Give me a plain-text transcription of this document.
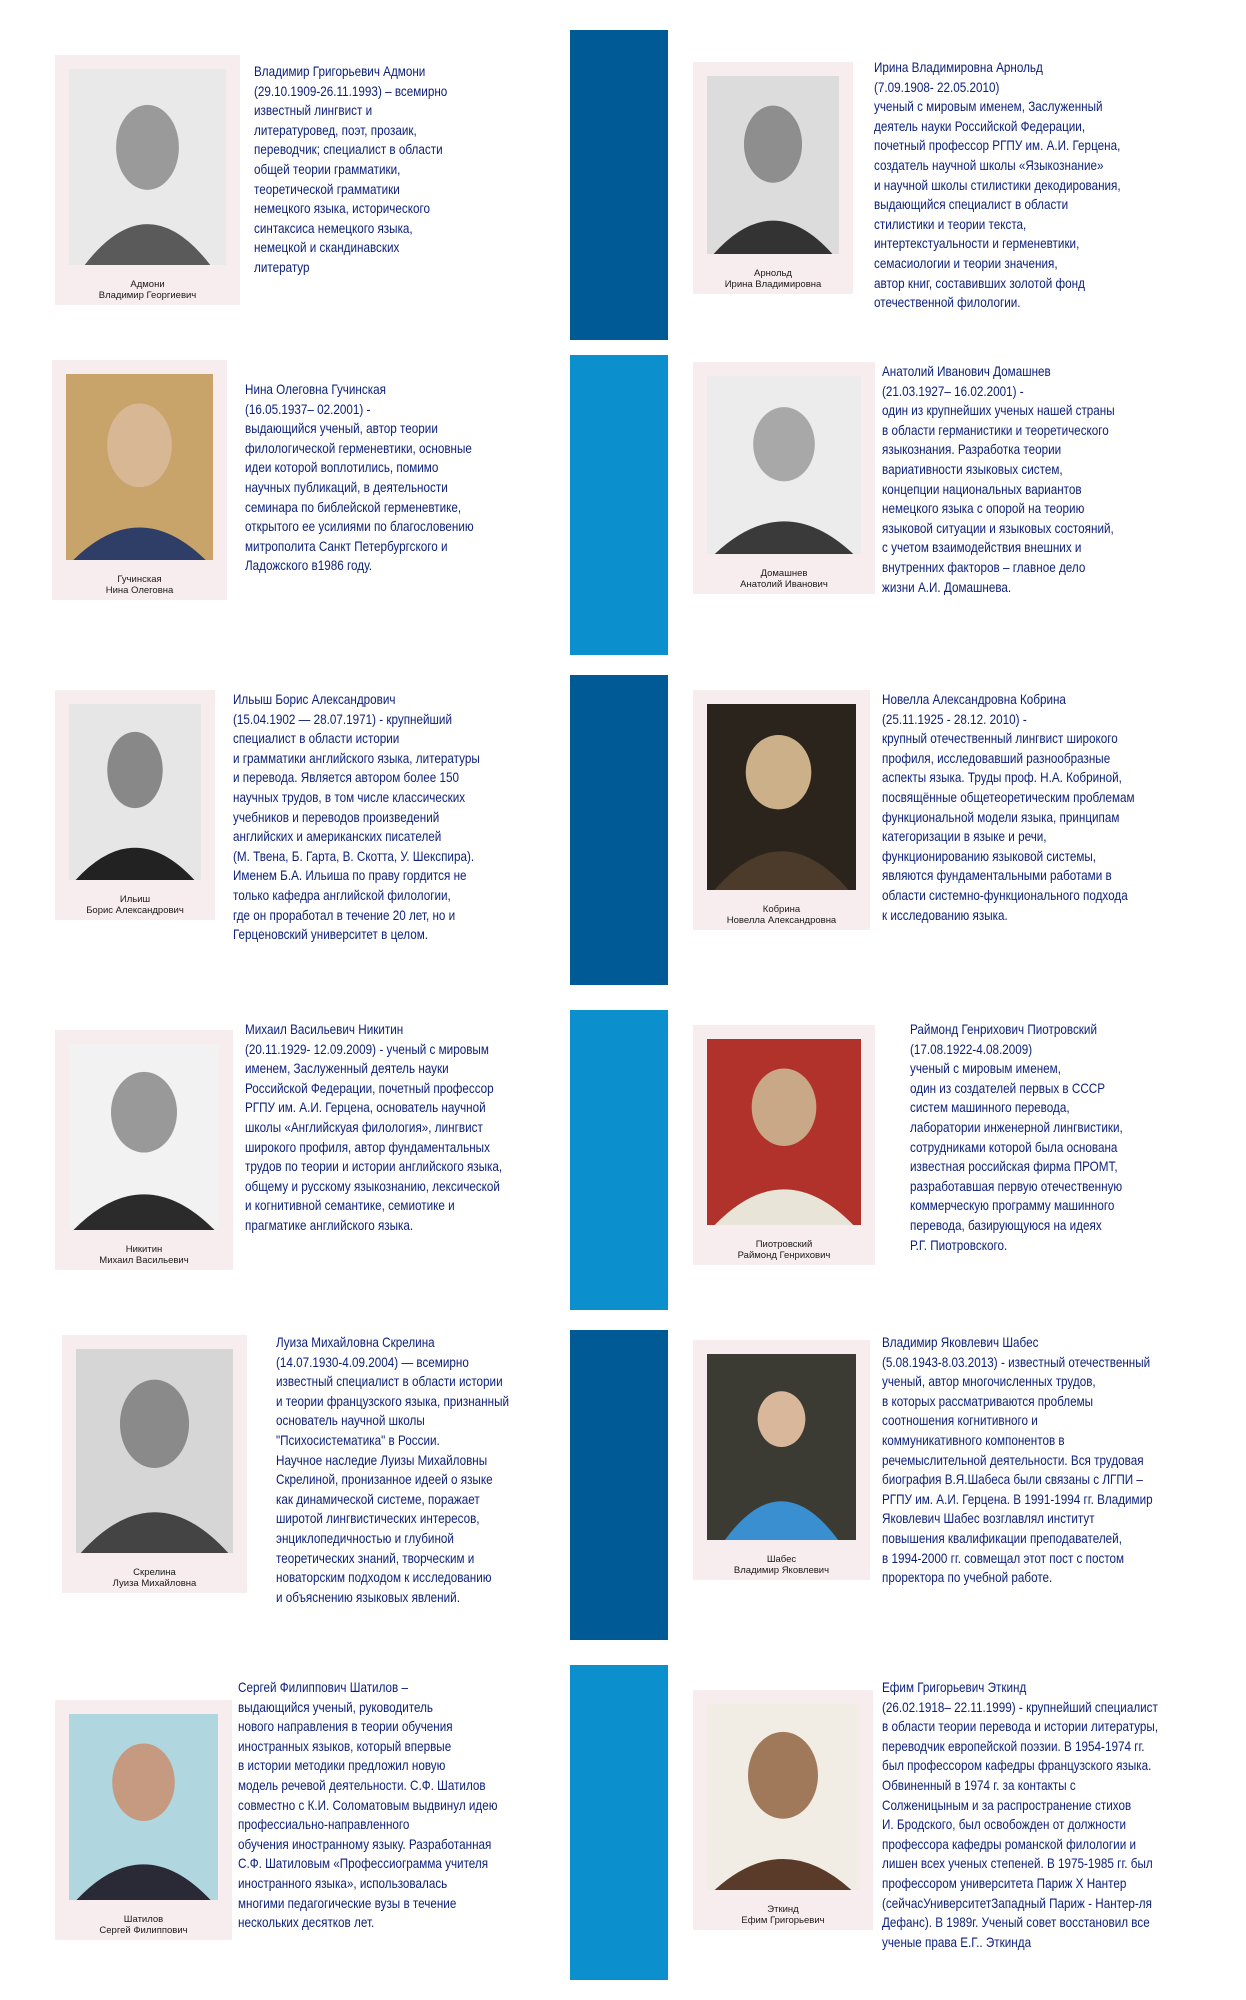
Адмони
Владимир Георгиевич
Владимир Григорьевич Адмони
(29.10.1909-26.11.1993) – всемирно
известный лингвист и
литературовед, поэт, прозаик,
переводчик; специалист в области
общей теории грамматики,
теоретической грамматики
немецкого языка, исторического
синтаксиса немецкого языка,
немецкой и скандинавских
литератур	Арнольд
Ирина Владимировна
Ирина Владимировна Арнольд
(7.09.1908- 22.05.2010)
ученый с мировым именем, Заслуженный
деятель науки Российской Федерации,
почетный профессор РГПУ им. А.И. Герцена,
создатель научной школы «Языкознание»
и научной школы стилистики декодирования,
выдающийся специалист в области
стилистики и теории текста,
интертекстуальности и герменевтики,
семасиологии и теории значения,
автор книг, составивших золотой фонд
отечественной филологии.
Гучинская
Нина Олеговна
Нина Олеговна Гучинская
(16.05.1937– 02.2001) -
выдающийся ученый, автор теории
филологической герменевтики, основные
идеи которой воплотились, помимо
научных публикаций, в деятельности
семинара по библейской герменевтике,
открытого ее усилиями по благословению
митрополита Санкт Петербургского и
Ладожского в1986 году.
Домашнев
Анатолий Иванович
Анатолий Иванович Домашнев
(21.03.1927– 16.02.2001) -
один из крупнейших ученых нашей страны
в области германистики и теоретического
языкознания. Разработка теории
вариативности языковых систем,
концепции национальных вариантов
немецкого языка с опорой на теорию
языковой ситуации и языковых состояний,
с учетом взаимодействия внешних и
внутренних факторов – главное дело
жизни А.И. Домашнева.
Ильиш
Борис Александрович
Ильыш Борис Александрович
(15.04.1902 — 28.07.1971) - крупнейший
специалист в области истории
и грамматики английского языка, литературы
и перевода. Является автором более 150
научных трудов, в том числе классических
учебников и переводов произведений
английских и американских писателей
(М. Твена, Б. Гарта, В. Скотта, У. Шекспира).
Именем Б.А. Ильиша по праву гордится не
только кафедра английской филологии,
где он проработал в течение 20 лет, но и
Герценовский университет в целом.
Кобрина
Новелла Александровна
Новелла Александровна Кобрина
(25.11.1925 - 28.12. 2010) -
крупный отечественный лингвист широкого
профиля, исследовавший разнообразные
аспекты языка. Труды проф. Н.А. Кобриной,
посвящённые общетеоретическим проблемам
функциональной модели языка, принципам
категоризации в языке и речи,
функционированию языковой системы,
являются фундаментальными работами в
области системно-функционального подхода
к исследованию языка.
Никитин
Михаил Васильевич
Михаил Васильевич Никитин
(20.11.1929- 12.09.2009) - ученый с мировым
именем, Заслуженный деятель науки
Российской Федерации, почетный профессор
РГПУ им. А.И. Герцена, основатель научной
школы «Английскуая филология», лингвист
широкого профиля, автор фундаментальных
трудов по теории и истории английского языка,
общему и русскому языкознанию, лексической
и когнитивной семантике, семиотике и
прагматике английского языка.
Пиотровский
Раймонд Генрихович
Раймонд Генрихович Пиотровский
(17.08.1922-4.08.2009)
ученый с мировым именем,
один из создателей первых в СССР
систем машинного перевода,
лаборатории инженерной лингвистики,
сотрудниками которой была основана
известная российская фирма ПРОМТ,
разработавшая первую отечественную
коммерческую программу машинного
перевода, базирующуюся на идеях
Р.Г. Пиотровского.
Скрелина
Луиза Михайловна
Луиза Михайловна Скрелина
(14.07.1930-4.09.2004) — всемирно
известный специалист в области истории
и теории французского языка, признанный
основатель научной школы
"Психосистематика" в России.
Научное наследие Луизы Михайловны
Скрелиной, пронизанное идеей о языке
как динамической системе, поражает
широтой лингвистических интересов,
энциклопедичностью и глубиной
теоретических знаний, творческим и
новаторским подходом к исследованию
и объяснению языковых явлений.
Шабес
Владимир Яковлевич
Владимир Яковлевич Шабес
(5.08.1943-8.03.2013) - известный отечественный
ученый, автор многочисленных трудов,
в которых рассматриваются проблемы
соотношения когнитивного и
коммуникативного компонентов в
речемыслительной деятельности. Вся трудовая
биография В.Я.Шабеса были связаны с ЛГПИ –
РГПУ им. А.И. Герцена. В 1991-1994 гг. Владимир
Яковлевич Шабес возглавлял институт
повышения квалификации преподавателей,
в 1994-2000 гг. совмещал этот пост с постом
проректора по учебной работе.
Шатилов
Сергей Филиппович
Сергей Филиппович Шатилов –
выдающийся ученый, руководитель
нового направления в теории обучения
иностранных языков, который впервые
в истории методики предложил новую
модель речевой деятельности. С.Ф. Шатилов
совместно с К.И. Соломатовым выдвинул идею
профессиально-направленного
обучения иностранному языку. Разработанная
С.Ф. Шатиловым «Профессиограмма учителя
иностранного языка», использовалась
многими педагогические вузы в течение
нескольких десятков лет.
Эткинд
Ефим Григорьевич
Ефим Григорьевич Эткинд
(26.02.1918– 22.11.1999) - крупнейший специалист
в области теории перевода и истории литературы,
переводчик европейской поэзии. В 1954-1974 гг.
был профессором кафедры французского языка.
Обвиненный в 1974 г. за контакты с
Солженицыным и за распространение стихов
И. Бродского, был освобожден от должности
профессора кафедры романской филологии и
лишен всех ученых степеней. В 1975-1985 гг. был
профессором университета Париж X Нантер
(сейчасУниверситетЗападный Париж - Нантер-ля
Дефанс). В 1989г. Ученый совет восстановил все
ученые права Е.Г.. Эткинда
